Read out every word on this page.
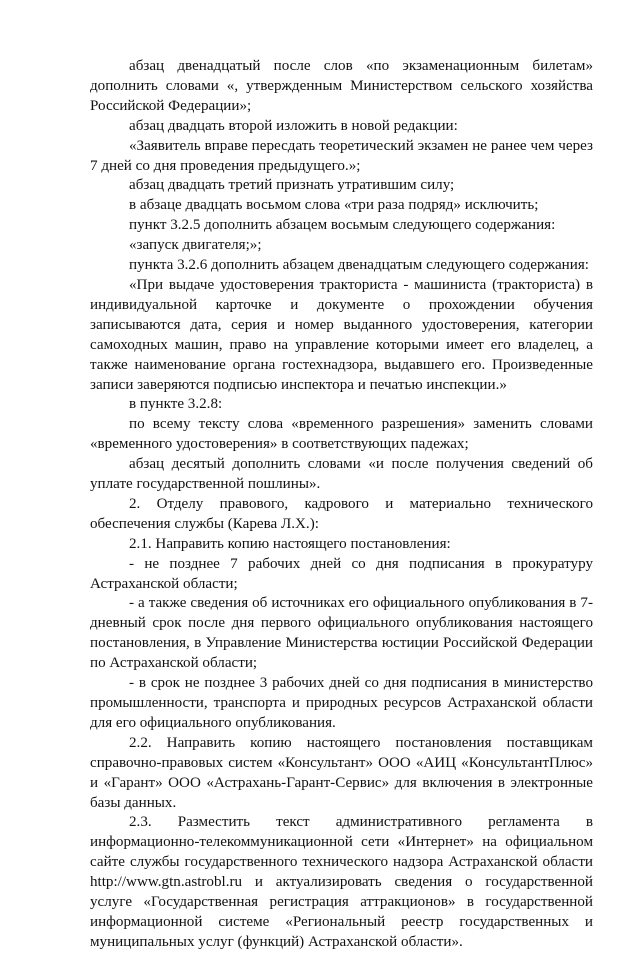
абзац двенадцатый после слов «по экзаменационным билетам» дополнить словами «, утвержденным Министерством сельского хозяйства Российской Федерации»;

абзац двадцать второй изложить в новой редакции:

«Заявитель вправе пересдать теоретический экзамен не ранее чем через 7 дней со дня проведения предыдущего.»;

абзац двадцать третий признать утратившим силу;

в абзаце двадцать восьмом слова «три раза подряд» исключить;

пункт 3.2.5 дополнить абзацем восьмым следующего содержания:

«запуск двигателя;»;

пункта 3.2.6 дополнить абзацем двенадцатым следующего содержания:

«При выдаче удостоверения тракториста - машиниста (тракториста) в индивидуальной карточке и документе о прохождении обучения записываются дата, серия и номер выданного удостоверения, категории самоходных машин, право на управление которыми имеет его владелец, а также наименование органа гостехнадзора, выдавшего его. Произведенные записи заверяются подписью инспектора и печатью инспекции.»

в пункте 3.2.8:

по всему тексту слова «временного разрешения» заменить словами «временного удостоверения» в соответствующих падежах;

абзац десятый дополнить словами «и после получения сведений об уплате государственной пошлины».

2. Отделу правового, кадрового и материально технического обеспечения службы (Карева Л.Х.):

2.1. Направить копию настоящего постановления:

- не позднее 7 рабочих дней со дня подписания в прокуратуру Астраханской области;

- а также сведения об источниках его официального опубликования в 7-дневный срок после дня первого официального опубликования настоящего постановления, в Управление Министерства юстиции Российской Федерации по Астраханской области;

- в срок не позднее 3 рабочих дней со дня подписания в министерство промышленности, транспорта и природных ресурсов Астраханской области для его официального опубликования.

2.2. Направить копию настоящего постановления поставщикам справочно-правовых систем «Консультант» ООО «АИЦ «КонсультантПлюс» и «Гарант» ООО «Астрахань-Гарант-Сервис» для включения в электронные базы данных.

2.3. Разместить текст административного регламента в информационно-телекоммуникационной сети «Интернет» на официальном сайте службы государственного технического надзора Астраханской области http://www.gtn.astrobl.ru и актуализировать сведения о государственной услуге «Государственная регистрация аттракционов» в государственной информационной системе «Региональный реестр государственных и муниципальных услуг (функций) Астраханской области».
